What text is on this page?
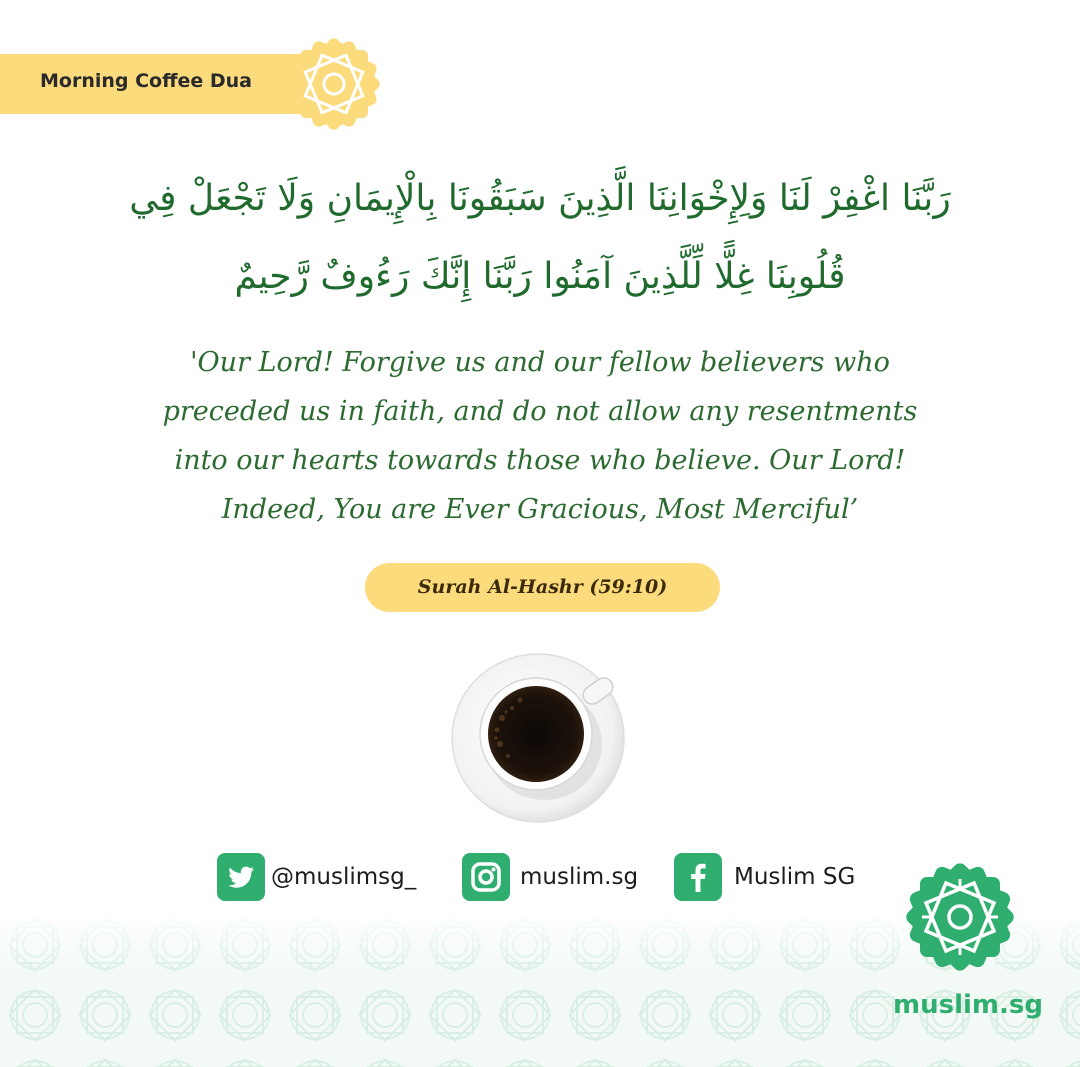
Morning Coffee Dua
رَبَّنَا اغْفِرْ لَنَا وَلِإِخْوَانِنَا الَّذِينَ سَبَقُونَا بِالْإِيمَانِ وَلَا تَجْعَلْ فِي
قُلُوبِنَا غِلًّا لِّلَّذِينَ آمَنُوا رَبَّنَا إِنَّكَ رَءُوفٌ رَّحِيمٌ
'Our Lord! Forgive us and our fellow believers who
preceded us in faith, and do not allow any resentments
into our hearts towards those who believe. Our Lord!
Indeed, You are Ever Gracious, Most Merciful’
Surah Al-Hashr (59:10)
@muslimsg_	muslim.sg	Muslim SG
muslim.sg
